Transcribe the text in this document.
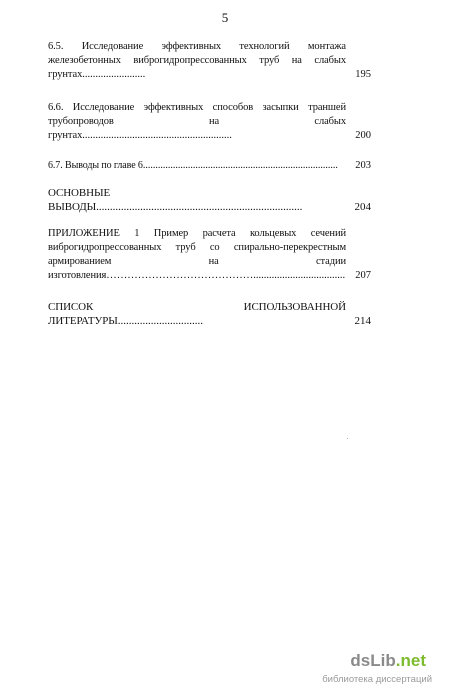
5
6.5. Исследование эффективных технологий монтажа железобетонных виброгидропрессованных труб на слабых грунтах........................	195
6.6. Исследование эффективных способов засыпки траншей трубопроводов на слабых грунтах.........................................................	200
6.7. Выводы по главе 6..............................................................................	203
ОСНОВНЫЕ ВЫВОДЫ...........................................................................	204
ПРИЛОЖЕНИЕ 1 Пример расчета кольцевых сечений виброгидропрессованных труб со спирально-перекрестным армированием на стадии изготовления……………………………………................................... 207
СПИСОК ИСПОЛЬЗОВАННОЙ ЛИТЕРАТУРЫ...............................	214
dsLib.net
библиотека диссертаций
